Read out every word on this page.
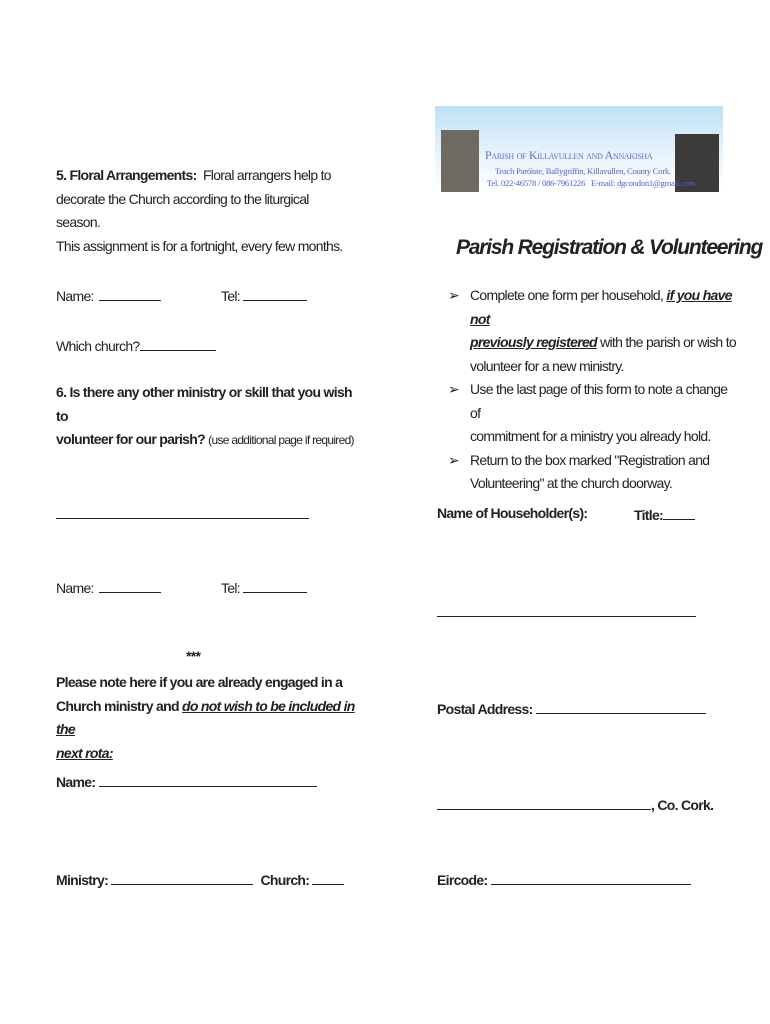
Parish of Killavullen and Annakisha
Teach Paróiste, Ballygriffin, Killavullen, County Cork.
Tel. 022-46578 / 086-7961226 E-mail: dgcondon1@gmail.com
5. Floral Arrangements: Floral arrangers help to
decorate the Church according to the liturgical season.
This assignment is for a fortnight, every few months.
Name:	Tel:
Which church?
6. Is there any other ministry or skill that you wish to
volunteer for our parish? (use additional page if required)
Name:	Tel:
***
Please note here if you are already engaged in a
Church ministry and do not wish to be included in the
next rota:
Name:
Ministry:	Church:
Parish Registration & Volunteering
➢ Complete one form per household, if you have not
previously registered with the parish or wish to
volunteer for a new ministry.
➢ Use the last page of this form to note a change of
commitment for a ministry you already hold.
➢ Return to the box marked "Registration and
Volunteering" at the church doorway.
Name of Householder(s):	Title:
Postal Address:
, Co. Cork.
Eircode:
